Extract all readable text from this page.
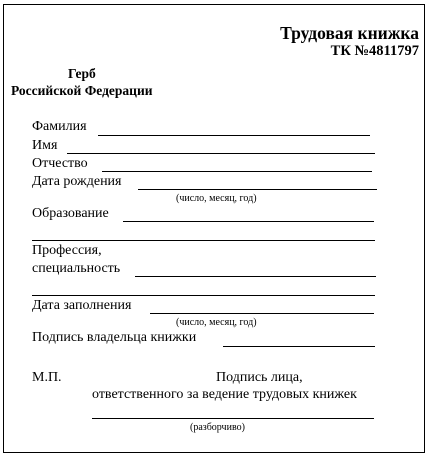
Трудовая книжка
ТК №4811797
Герб
Российской Федерации
Фамилия
Имя
Отчество
Дата рождения
(число, месяц, год)
Образование
Профессия,
специальность
Дата заполнения
(число, месяц, год)
Подпись владельца книжки
М.П.	Подпись лица,
ответственного за ведение трудовых книжек
(разборчиво)
